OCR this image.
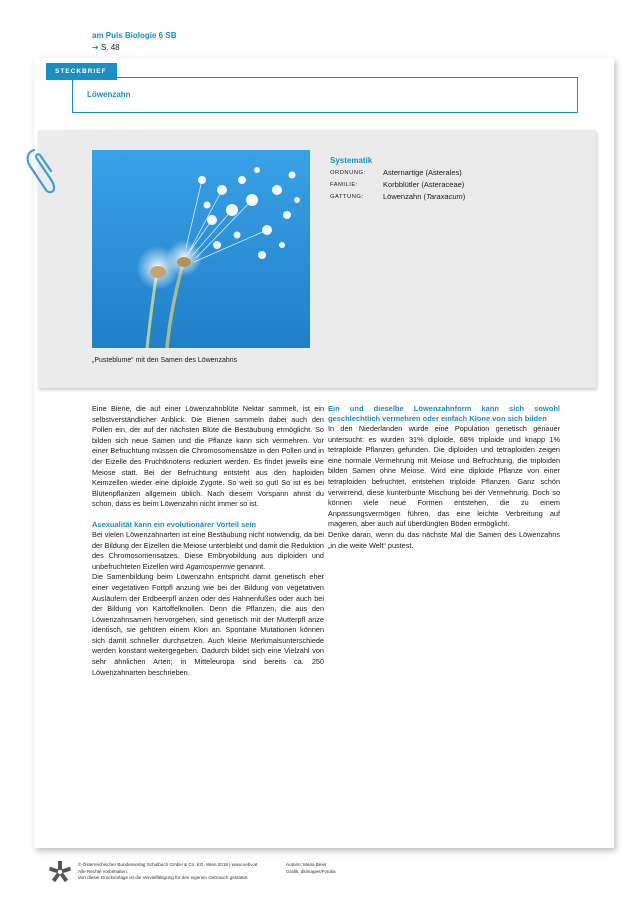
am Puls Biologie 6 SB
➔ S. 48
STECKBRIEF
Löwenzahn
„Pusteblume“ mit den Samen des Löwenzahns
Systematik
ORDNUNG:	Asternartige (Asterales)
FAMILIE:	Korbblütler (Asteraceae)
GATTUNG:	Löwenzahn (Taraxacum)

Eine Biene, die auf einer Löwenzahnblüte Nektar sammelt, ist ein selbstverständlicher Anblick. Die Bienen sammeln dabei auch den Pollen ein, der auf der nächsten Blüte die Bestäubung ermöglicht. So bilden sich neue Samen und die Pflanze kann sich vermehren. Vor einer Befruchtung müssen die Chromosomensätze in den Pollen und in der Eizelle des Fruchtknotens reduziert werden. Es findet jeweils eine Meiose statt. Bei der Befruchtung entsteht aus den haploiden Keimzellen wieder eine diploide Zygote. So weit so gut! So ist es bei Blütenpflanzen allgemein üblich. Nach diesem Vorspann ahnst du schon, dass es beim Löwenzahn nicht immer so ist.

Asexualität kann ein evolutionärer Vorteil sein

Bei vielen Löwenzahnarten ist eine Bestäubung nicht notwendig, da bei der Bildung der Eizellen die Meiose unterbleibt und damit die Reduktion des Chromosomensatzes. Diese Embryobildung aus diploiden und unbefruchteten Eizellen wird Agamospermie genannt.

Die Samenbildung beim Löwenzahn entspricht damit genetisch eher einer vegetativen Fortpfl anzung wie bei der Bildung von vegetativen Ausläufern der Erdbeerpfl anzen oder des Hahnenfußes oder auch bei der Bildung von Kartoffelknollen. Denn die Pflanzen, die aus den Löwenzahnsamen hervorgehen, sind genetisch mit der Mutterpfl anze identisch, sie gehören einem Klon an. Spontane Mutationen können sich damit schneller durchsetzen. Auch kleine Merkmalsunterschiede werden konstant weitergegeben. Dadurch bildet sich eine Vielzahl von sehr ähnlichen Arten; in Mitteleuropa sind bereits ca. 250 Löwenzahnarten beschrieben.

Ein und dieselbe Löwenzahnform kann sich sowohl geschlechtlich vermehren oder einfach Klone von sich bilden

In den Niederlanden wurde eine Population genetisch genauer untersucht: es wurden 31% diploide, 68% triploide und knapp 1% tetraploide Pflanzen gefunden. Die diploiden und tetraploiden zeigen eine normale Vermehrung mit Meiose und Befruchtung, die triploiden bilden Samen ohne Meiose. Wird eine diploide Pflanze von einer tetraploiden befruchtet, entstehen triploide Pflanzen. Ganz schön verwirrend, diese kunterbunte Mischung bei der Vermehrung. Doch so können viele neue Formen entstehen, die zu einem Anpassungsvermögen führen, das eine leichte Verbreitung auf mageren, aber auch auf überdüngten Böden ermöglicht.

Denke daran, wenn du das nächste Mal die Samen des Löwenzahns „in die weite Welt“ pustest.

© Österreichischer Bundesverlag Schulbuch GmbH & Co. KG, Wien 2018 | www.oebv.at
Alle Rechte vorbehalten.
Von dieser Druckvorlage ist die Vervielfältigung für den eigenen Gebrauch gestattet.
Autorin: Maria Beier
Grafik: dkimages/Fotolia
